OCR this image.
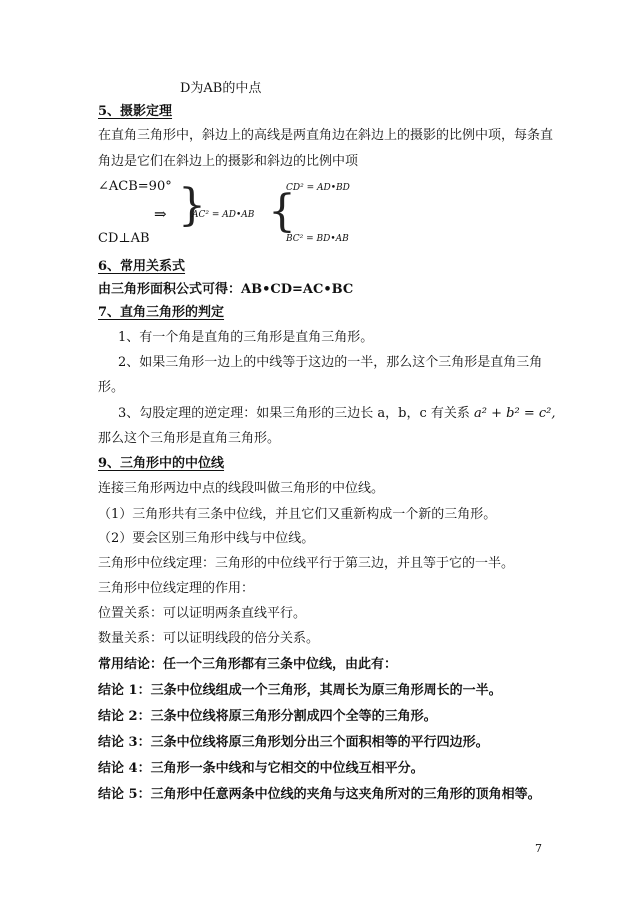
D为AB的中点
5、摄影定理
在直角三角形中，斜边上的高线是两直角边在斜边上的摄影的比例中项，每条直
角边是它们在斜边上的摄影和斜边的比例中项
∠ACB=90°
⇒ }
AC² = AD•AB {
CD² = AD•BD
BC² = BD•AB
CD⊥AB
6、常用关系式
由三角形面积公式可得：AB•CD=AC•BC
7、直角三角形的判定
1、有一个角是直角的三角形是直角三角形。
2、如果三角形一边上的中线等于这边的一半，那么这个三角形是直角三角
形。
3、勾股定理的逆定理：如果三角形的三边长 a，b，c 有关系 a² + b² = c²,
那么这个三角形是直角三角形。
9、三角形中的中位线
连接三角形两边中点的线段叫做三角形的中位线。
（1）三角形共有三条中位线，并且它们又重新构成一个新的三角形。
（2）要会区别三角形中线与中位线。
三角形中位线定理：三角形的中位线平行于第三边，并且等于它的一半。
三角形中位线定理的作用：
位置关系：可以证明两条直线平行。
数量关系：可以证明线段的倍分关系。
常用结论：任一个三角形都有三条中位线，由此有：
结论 1：三条中位线组成一个三角形，其周长为原三角形周长的一半。
结论 2：三条中位线将原三角形分割成四个全等的三角形。
结论 3：三条中位线将原三角形划分出三个面积相等的平行四边形。
结论 4：三角形一条中线和与它相交的中位线互相平分。
结论 5：三角形中任意两条中位线的夹角与这夹角所对的三角形的顶角相等。
7
